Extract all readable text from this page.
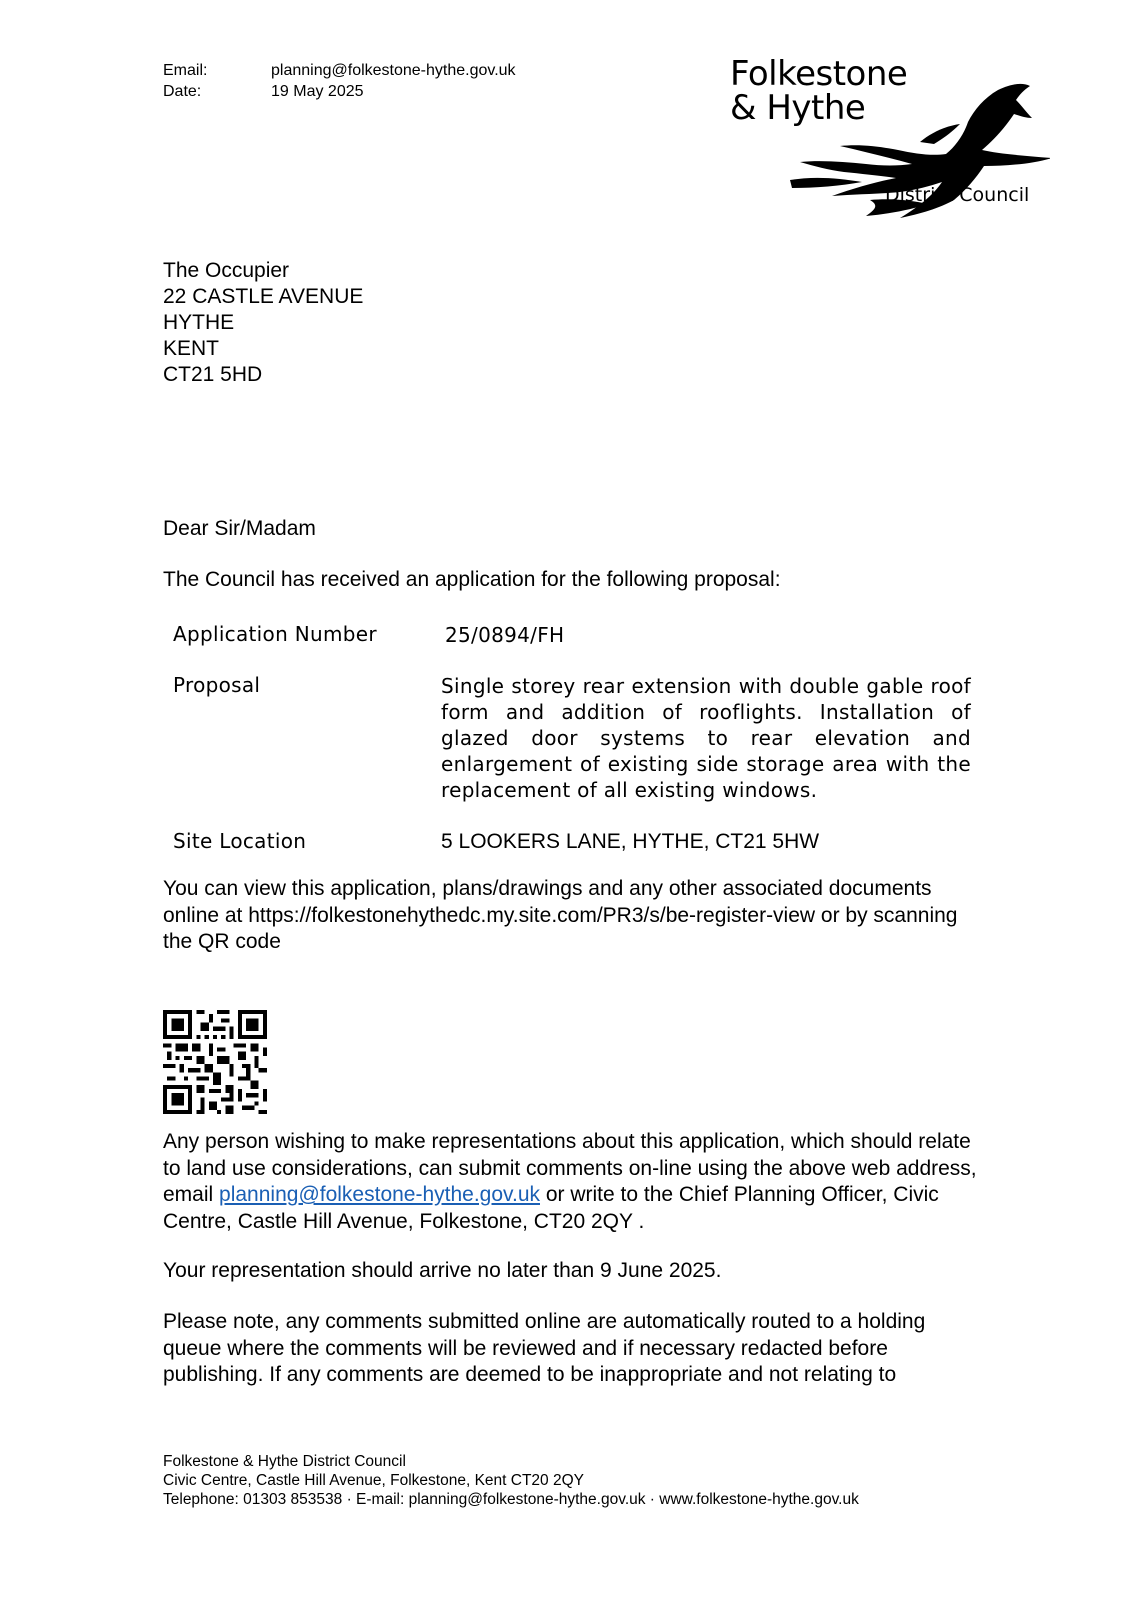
Email:	planning@folkestone-hythe.gov.uk
Date:	19 May 2025	Folkestone
& Hythe
District Council
The Occupier
22 CASTLE AVENUE
HYTHE
KENT
CT21 5HD
Dear Sir/Madam
The Council has received an application for the following proposal:
Application Number	25/0894/FH
Proposal	Single storey rear extension with double gable roof form and addition of rooflights. Installation of glazed door systems to rear elevation and enlargement of existing side storage area with the replacement of all existing windows.
Site Location	5 LOOKERS LANE, HYTHE, CT21 5HW
You can view this application, plans/drawings and any other associated documents online at https://folkestonehythedc.my.site.com/PR3/s/be-register-view or by scanning the QR code
Any person wishing to make representations about this application, which should relate to land use considerations, can submit comments on-line using the above web address, email planning@folkestone-hythe.gov.uk or write to the Chief Planning Officer, Civic Centre, Castle Hill Avenue, Folkestone, CT20 2QY .
Your representation should arrive no later than 9 June 2025.
Please note, any comments submitted online are automatically routed to a holding queue where the comments will be reviewed and if necessary redacted before publishing. If any comments are deemed to be inappropriate and not relating to
Folkestone & Hythe District Council
Civic Centre, Castle Hill Avenue, Folkestone, Kent CT20 2QY
Telephone: 01303 853538 · E-mail: planning@folkestone-hythe.gov.uk · www.folkestone-hythe.gov.uk
